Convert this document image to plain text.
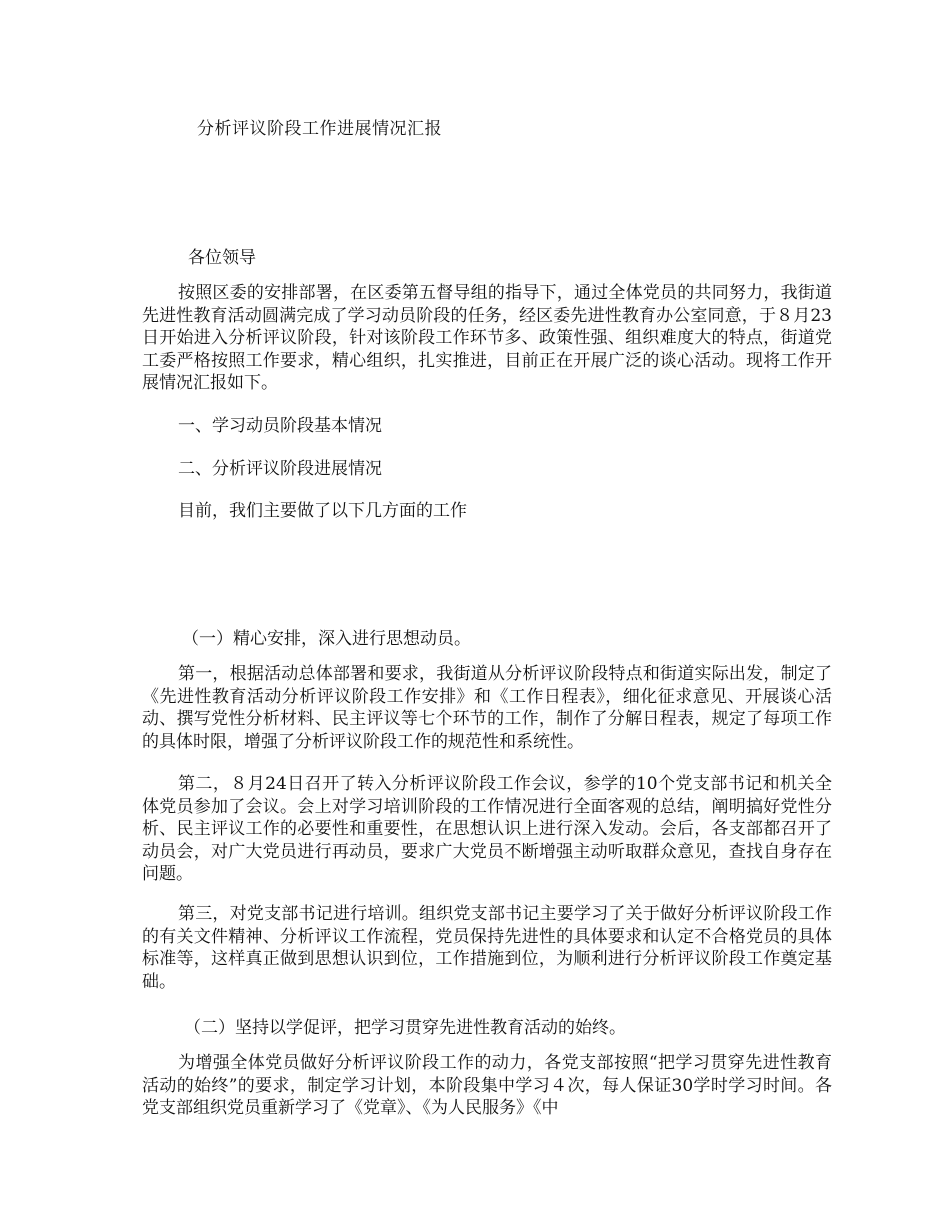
分析评议阶段工作进展情况汇报
各位领导

按照区委的安排部署，在区委第五督导组的指导下，通过全体党员的共同努力，我街道先进性教育活动圆满完成了学习动员阶段的任务，经区委先进性教育办公室同意，于８月23日开始进入分析评议阶段，针对该阶段工作环节多、政策性强、组织难度大的特点，街道党工委严格按照工作要求，精心组织，扎实推进，目前正在开展广泛的谈心活动。现将工作开展情况汇报如下。

一、学习动员阶段基本情况

二、分析评议阶段进展情况

目前，我们主要做了以下几方面的工作

（一）精心安排，深入进行思想动员。

第一，根据活动总体部署和要求，我街道从分析评议阶段特点和街道实际出发，制定了《先进性教育活动分析评议阶段工作安排》和《工作日程表》，细化征求意见、开展谈心活动、撰写党性分析材料、民主评议等七个环节的工作，制作了分解日程表，规定了每项工作的具体时限，增强了分析评议阶段工作的规范性和系统性。

第二，８月24日召开了转入分析评议阶段工作会议，参学的10个党支部书记和机关全体党员参加了会议。会上对学习培训阶段的工作情况进行全面客观的总结，阐明搞好党性分析、民主评议工作的必要性和重要性，在思想认识上进行深入发动。会后，各支部都召开了动员会，对广大党员进行再动员，要求广大党员不断增强主动听取群众意见，查找自身存在问题。

第三，对党支部书记进行培训。组织党支部书记主要学习了关于做好分析评议阶段工作的有关文件精神、分析评议工作流程，党员保持先进性的具体要求和认定不合格党员的具体标准等，这样真正做到思想认识到位，工作措施到位，为顺利进行分析评议阶段工作奠定基础。

（二）坚持以学促评，把学习贯穿先进性教育活动的始终。

为增强全体党员做好分析评议阶段工作的动力，各党支部按照“把学习贯穿先进性教育活动的始终”的要求，制定学习计划，本阶段集中学习４次，每人保证30学时学习时间。各党支部组织党员重新学习了《党章》、《为人民服务》《中
